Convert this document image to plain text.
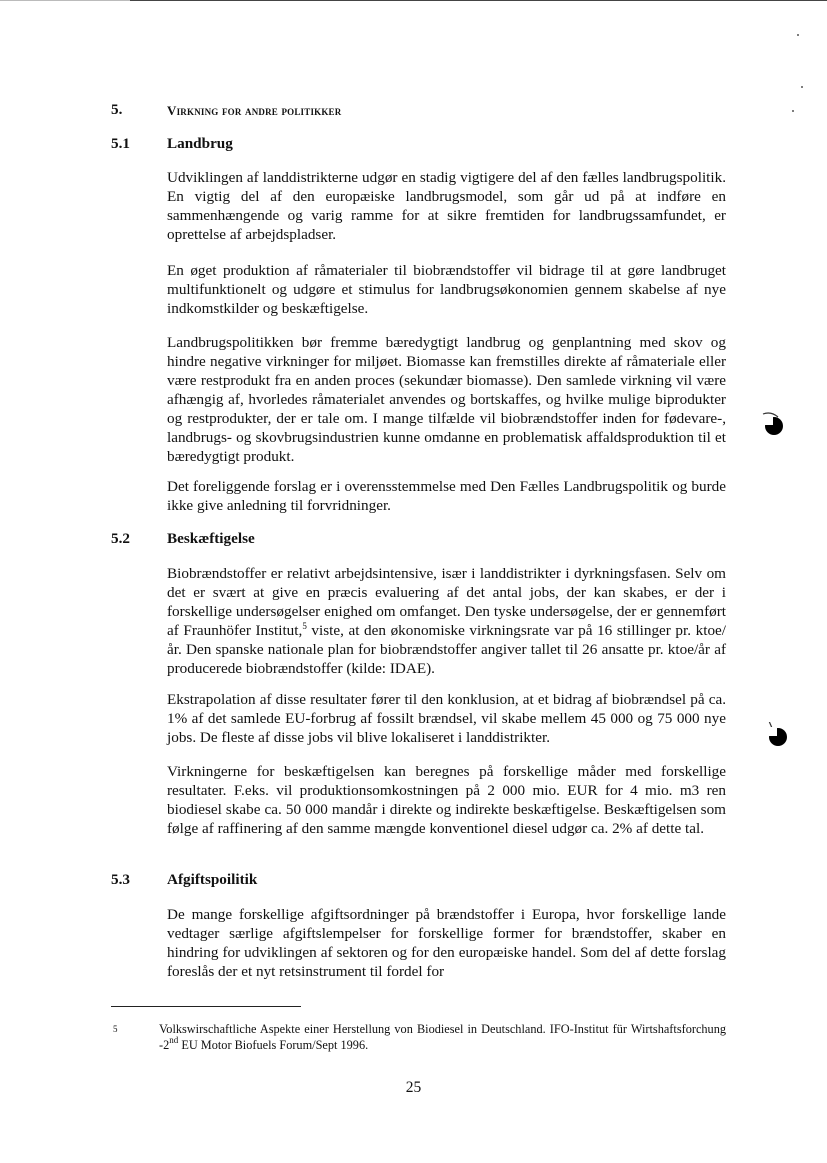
5.	Virkning for andre politikker
5.1 Landbrug

Udviklingen af landdistrikterne udgør en stadig vigtigere del af den fælles landbrugspolitik. En vigtig del af den europæiske landbrugsmodel, som går ud på at indføre en sammenhængende og varig ramme for at sikre fremtiden for landbrugssamfundet, er oprettelse af arbejdspladser.

En øget produktion af råmaterialer til biobrændstoffer vil bidrage til at gøre landbruget multifunktionelt og udgøre et stimulus for landbrugsøkonomien gennem skabelse af nye indkomstkilder og beskæftigelse.

Landbrugspolitikken bør fremme bæredygtigt landbrug og genplantning med skov og hindre negative virkninger for miljøet. Biomasse kan fremstilles direkte af råmateriale eller være restprodukt fra en anden proces (sekundær biomasse). Den samlede virkning vil være afhængig af, hvorledes råmaterialet anvendes og bortskaffes, og hvilke mulige biprodukter og restprodukter, der er tale om. I mange tilfælde vil biobrændstoffer inden for fødevare-, landbrugs- og skovbrugsindustrien kunne omdanne en problematisk affaldsproduktion til et bæredygtigt produkt.

Det foreliggende forslag er i overensstemmelse med Den Fælles Landbrugspolitik og burde ikke give anledning til forvridninger.

5.2 Beskæftigelse

Biobrændstoffer er relativt arbejdsintensive, især i landdistrikter i dyrkningsfasen. Selv om det er svært at give en præcis evaluering af det antal jobs, der kan skabes, er der i forskellige undersøgelser enighed om omfanget. Den tyske undersøgelse, der er gennemført af Fraunhöfer Institut,$^5$ viste, at den økonomiske virkningsrate var på 16 stillinger pr. ktoe/år. Den spanske nationale plan for biobrændstoffer angiver tallet til 26 ansatte pr. ktoe/år af producerede biobrændstoffer (kilde: IDAE).

Ekstrapolation af disse resultater fører til den konklusion, at et bidrag af biobrændsel på ca. 1% af det samlede EU-forbrug af fossilt brændsel, vil skabe mellem 45 000 og 75 000 nye jobs. De fleste af disse jobs vil blive lokaliseret i landdistrikter.

Virkningerne for beskæftigelsen kan beregnes på forskellige måder med forskellige resultater. F.eks. vil produktionsomkostningen på 2 000 mio. EUR for 4 mio. m3 ren biodiesel skabe ca. 50 000 mandår i direkte og indirekte beskæftigelse. Beskæftigelsen som følge af raffinering af den samme mængde konventionel diesel udgør ca. 2% af dette tal.

5.3 Afgiftspoilitik

De mange forskellige afgiftsordninger på brændstoffer i Europa, hvor forskellige lande vedtager særlige afgiftslempelser for forskellige former for brændstoffer, skaber en hindring for udviklingen af sektoren og for den europæiske handel. Som del af dette forslag foreslås der et nyt retsinstrument til fordel for

5	Volkswirschaftliche Aspekte einer Herstellung von Biodiesel in Deutschland. IFO-Institut für Wirtshaftsforchung -2nd EU Motor Biofuels Forum/Sept 1996.

25
